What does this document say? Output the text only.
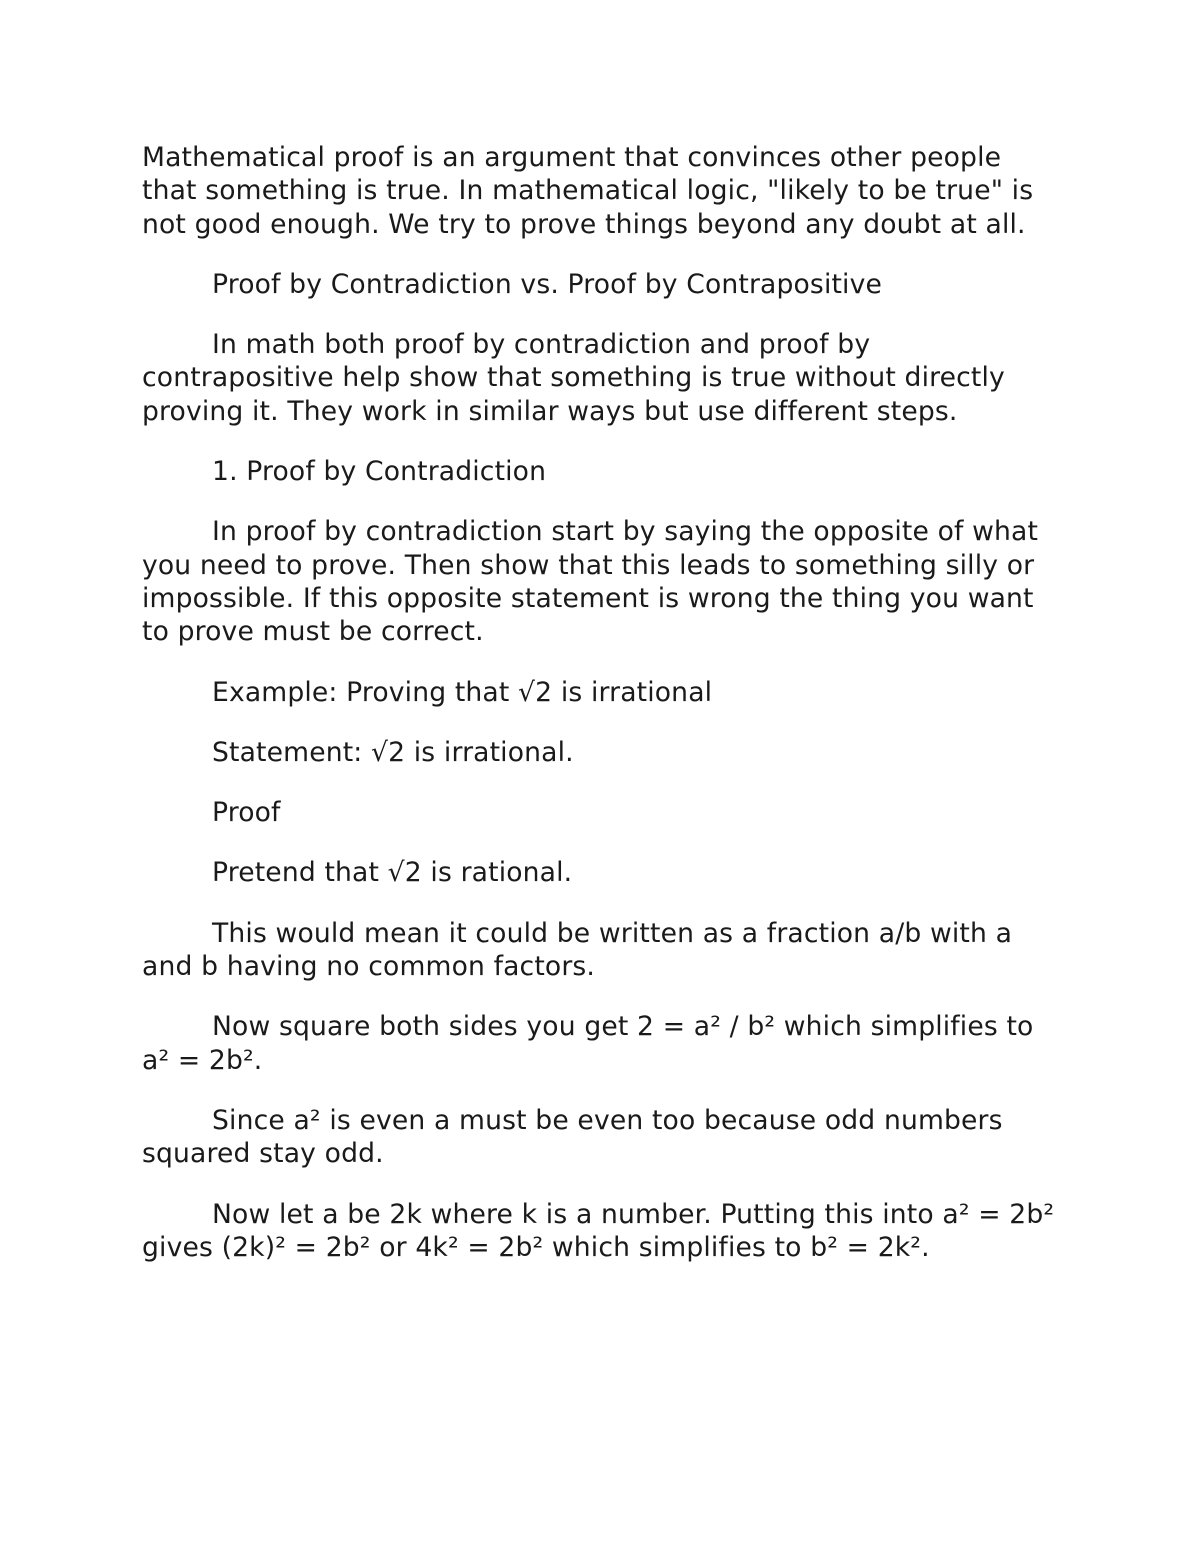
Mathematical proof is an argument that convinces other people that something is true. In mathematical logic, "likely to be true" is not good enough. We try to prove things beyond any doubt at all.

Proof by Contradiction vs. Proof by Contrapositive

In math both proof by contradiction and proof by contrapositive help show that something is true without directly proving it. They work in similar ways but use different steps.

1. Proof by Contradiction

In proof by contradiction start by saying the opposite of what you need to prove. Then show that this leads to something silly or impossible. If this opposite statement is wrong the thing you want to prove must be correct.

Example: Proving that √2 is irrational

Statement: √2 is irrational.

Proof

Pretend that √2 is rational.

This would mean it could be written as a fraction a/b with a and b having no common factors.

Now square both sides you get 2 = a² / b² which simplifies to a² = 2b².

Since a² is even a must be even too because odd numbers squared stay odd.

Now let a be 2k where k is a number. Putting this into a² = 2b² gives (2k)² = 2b² or 4k² = 2b² which simplifies to b² = 2k².
